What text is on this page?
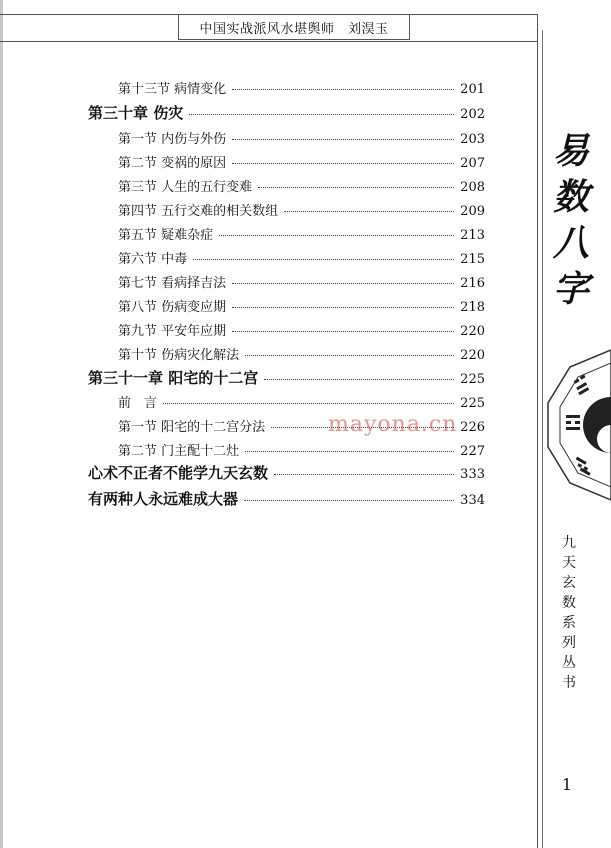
中国实战派风水堪舆师　刘淏玉
第十三节 病情变化	201
第三十章 伤灾	202
第一节 内伤与外伤	203
第二节 变祸的原因	207
第三节 人生的五行变难	208
第四节 五行交难的相关数组	209
第五节 疑难杂症	213
第六节 中毒	215
第七节 看病择吉法	216
第八节 伤病变应期	218
第九节 平安年应期	220
第十节 伤病灾化解法	220
第三十一章 阳宅的十二宫	225
前　言	225
第一节 阳宅的十二宫分法	226
第二节 门主配十二灶	227
心术不正者不能学九天玄数	333
有两种人永远难成大器	334
mayona.cn
易
数
八
字
九
天
玄
数
系
列
丛
书
1
